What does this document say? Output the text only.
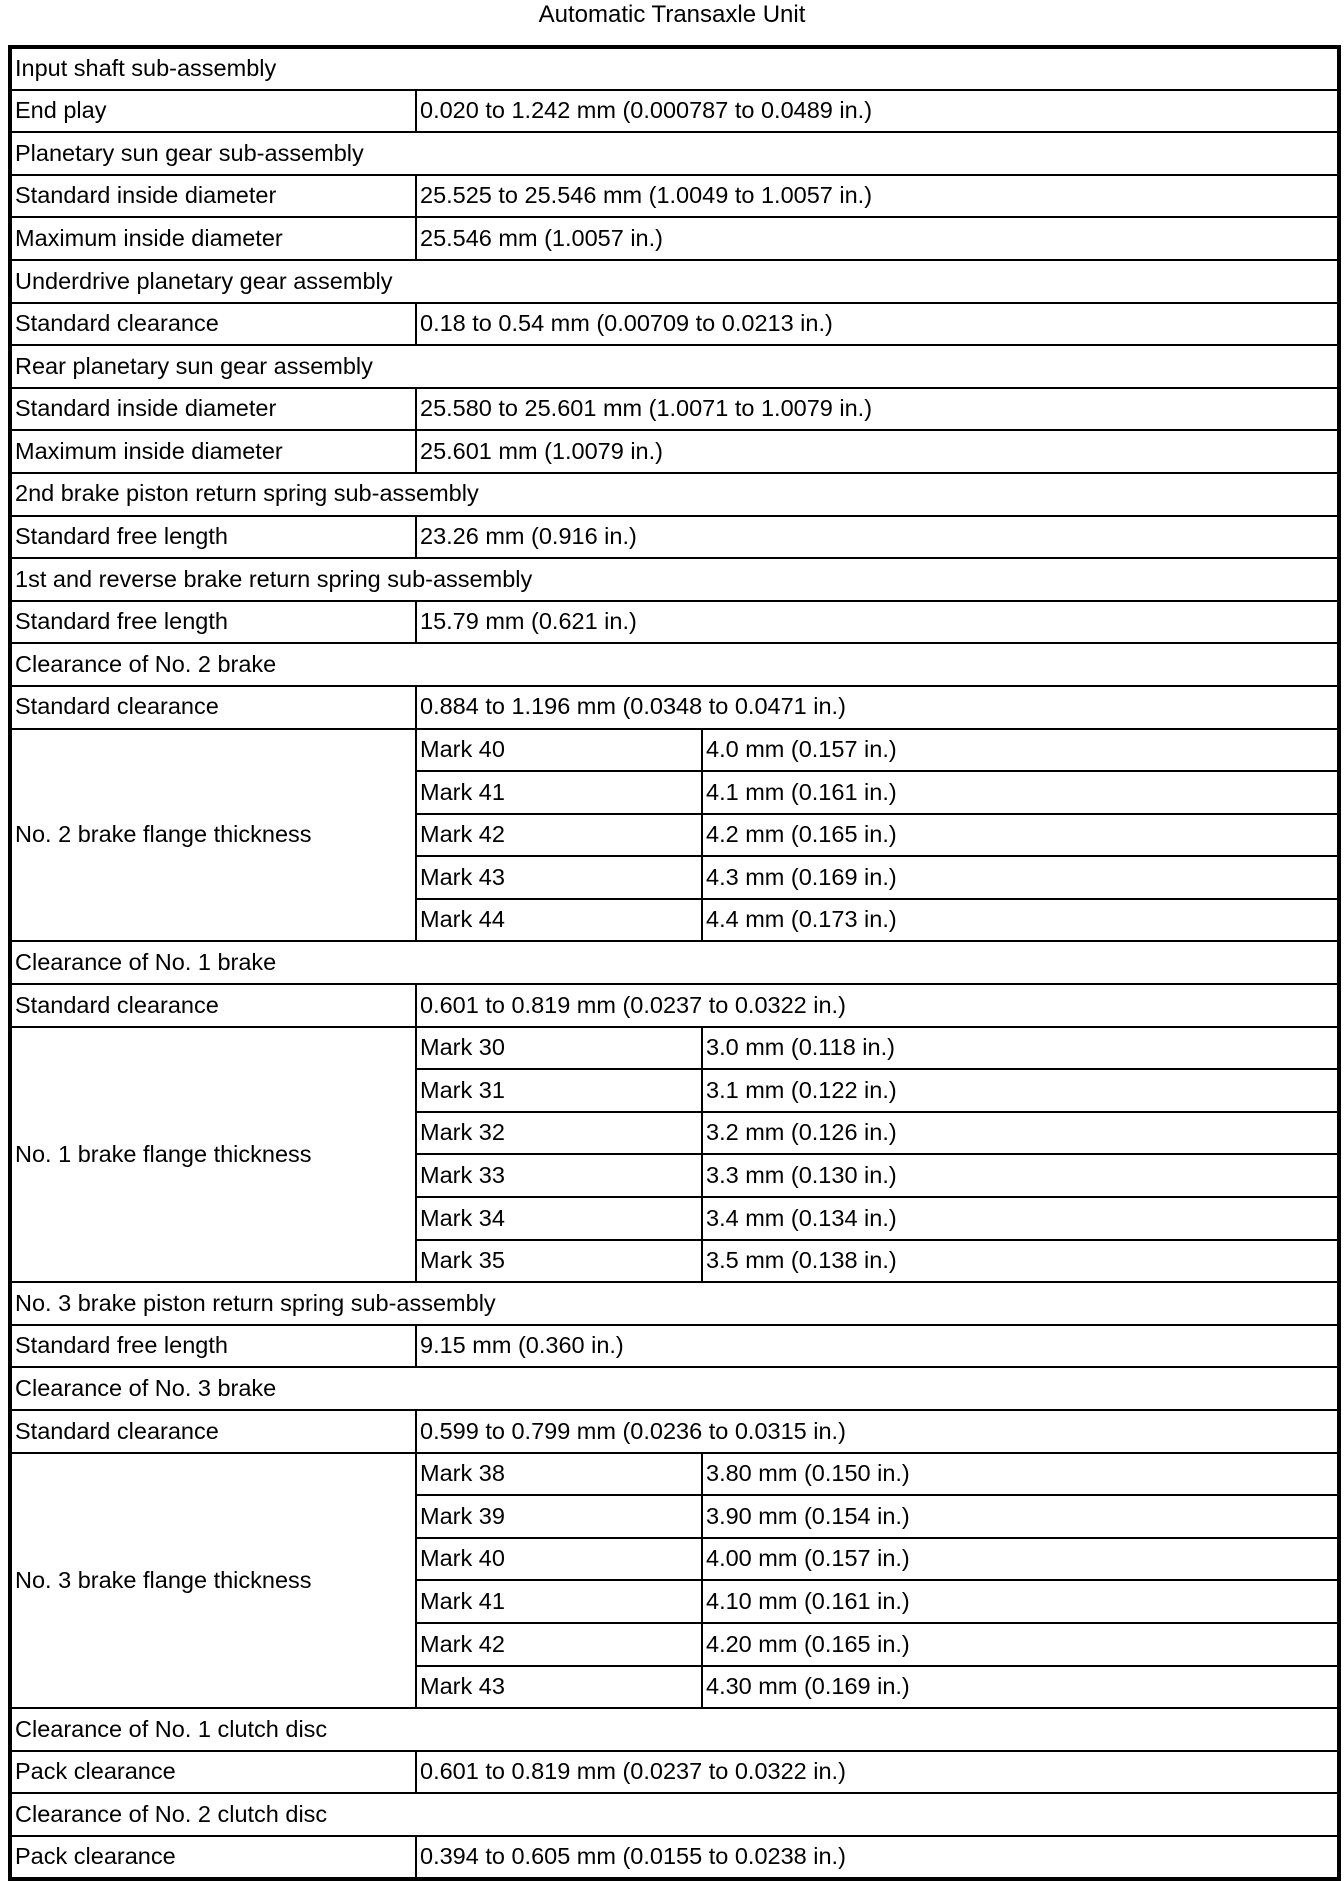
Automatic Transaxle Unit
Input shaft sub-assembly		
End play	0.020 to 1.242 mm (0.000787 to 0.0489 in.)	
Planetary sun gear sub-assembly		
Standard inside diameter	25.525 to 25.546 mm (1.0049 to 1.0057 in.)	
Maximum inside diameter	25.546 mm (1.0057 in.)	
Underdrive planetary gear assembly		
Standard clearance	0.18 to 0.54 mm (0.00709 to 0.0213 in.)	
Rear planetary sun gear assembly		
Standard inside diameter	25.580 to 25.601 mm (1.0071 to 1.0079 in.)	
Maximum inside diameter	25.601 mm (1.0079 in.)	
2nd brake piston return spring sub-assembly		
Standard free length	23.26 mm (0.916 in.)	
1st and reverse brake return spring sub-assembly		
Standard free length	15.79 mm (0.621 in.)	
Clearance of No. 2 brake		
Standard clearance	0.884 to 1.196 mm (0.0348 to 0.0471 in.)	
No. 2 brake flange thickness	Mark 40	4.0 mm (0.157 in.)
	Mark 41	4.1 mm (0.161 in.)
	Mark 42	4.2 mm (0.165 in.)
	Mark 43	4.3 mm (0.169 in.)
	Mark 44	4.4 mm (0.173 in.)
Clearance of No. 1 brake		
Standard clearance	0.601 to 0.819 mm (0.0237 to 0.0322 in.)	
No. 1 brake flange thickness	Mark 30	3.0 mm (0.118 in.)
	Mark 31	3.1 mm (0.122 in.)
	Mark 32	3.2 mm (0.126 in.)
	Mark 33	3.3 mm (0.130 in.)
	Mark 34	3.4 mm (0.134 in.)
	Mark 35	3.5 mm (0.138 in.)
No. 3 brake piston return spring sub-assembly		
Standard free length	9.15 mm (0.360 in.)	
Clearance of No. 3 brake		
Standard clearance	0.599 to 0.799 mm (0.0236 to 0.0315 in.)	
No. 3 brake flange thickness	Mark 38	3.80 mm (0.150 in.)
	Mark 39	3.90 mm (0.154 in.)
	Mark 40	4.00 mm (0.157 in.)
	Mark 41	4.10 mm (0.161 in.)
	Mark 42	4.20 mm (0.165 in.)
	Mark 43	4.30 mm (0.169 in.)
Clearance of No. 1 clutch disc		
Pack clearance	0.601 to 0.819 mm (0.0237 to 0.0322 in.)	
Clearance of No. 2 clutch disc		
Pack clearance	0.394 to 0.605 mm (0.0155 to 0.0238 in.)	
